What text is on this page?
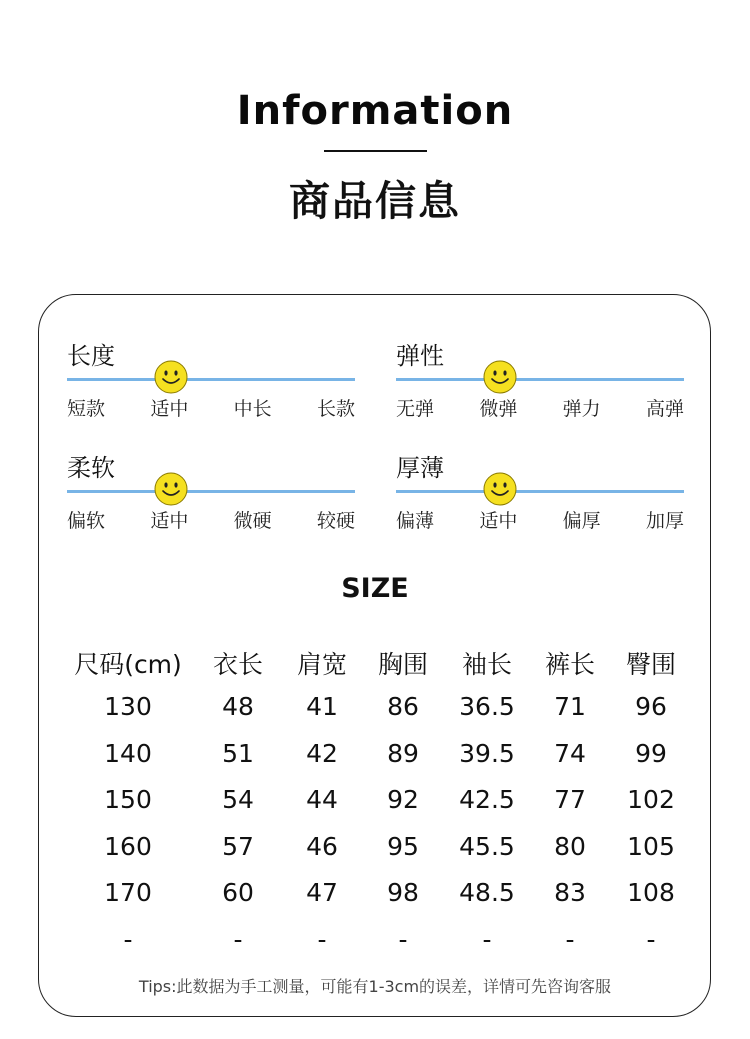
Information
商品信息
长度
短款 适中 中长 长款
弹性
无弹 微弹 弹力 高弹
柔软
偏软 适中 微硬 较硬
厚薄
偏薄 适中 偏厚 加厚
SIZE
尺码(cm)	衣长	肩宽	胸围	袖长	裤长	臀围
130	48	41	86	36.5	71	96
140	51	42	89	39.5	74	99
150	54	44	92	42.5	77	102
160	57	46	95	45.5	80	105
170	60	47	98	48.5	83	108
-	-	-	-	-	-	-
Tips:此数据为手工测量，可能有1-3cm的误差，详情可先咨询客服
